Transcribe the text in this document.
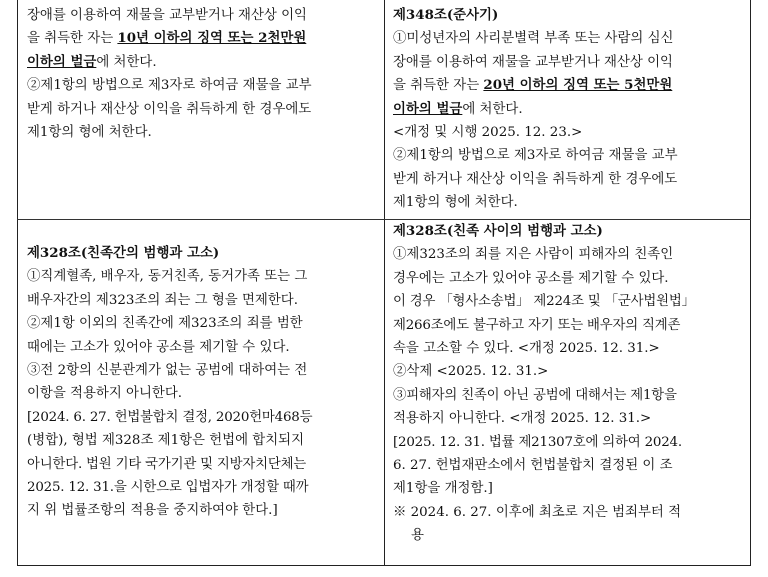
장애를 이용하여 재물을 교부받거나 재산상 이익
을 취득한 자는 10년 이하의 징역 또는 2천만원
이하의 벌금에 처한다.
②제1항의 방법으로 제3자로 하여금 재물을 교부
받게 하거나 재산상 이익을 취득하게 한 경우에도
제1항의 형에 처한다.
제348조(준사기)
①미성년자의 사리분별력 부족 또는 사람의 심신
장애를 이용하여 재물을 교부받거나 재산상 이익
을 취득한 자는 20년 이하의 징역 또는 5천만원
이하의 벌금에 처한다.
<개정 및 시행 2025. 12. 23.>
②제1항의 방법으로 제3자로 하여금 재물을 교부
받게 하거나 재산상 이익을 취득하게 한 경우에도
제1항의 형에 처한다.
제328조(친족간의 범행과 고소)
①직계혈족, 배우자, 동거친족, 동거가족 또는 그
배우자간의 제323조의 죄는 그 형을 면제한다.
②제1항 이외의 친족간에 제323조의 죄를 범한
때에는 고소가 있어야 공소를 제기할 수 있다.
③전 2항의 신분관계가 없는 공범에 대하여는 전
이항을 적용하지 아니한다.
[2024. 6. 27. 헌법불합치 결정, 2020헌마468등
(병합), 형법 제328조 제1항은 헌법에 합치되지
아니한다. 법원 기타 국가기관 및 지방자치단체는
2025. 12. 31.을 시한으로 입법자가 개정할 때까
지 위 법률조항의 적용을 중지하여야 한다.]
제328조(친족 사이의 범행과 고소)
①제323조의 죄를 지은 사람이 피해자의 친족인
경우에는 고소가 있어야 공소를 제기할 수 있다.
이 경우 「형사소송법」 제224조 및 「군사법원법」
제266조에도 불구하고 자기 또는 배우자의 직계존
속을 고소할 수 있다. <개정 2025. 12. 31.>
②삭제 <2025. 12. 31.>
③피해자의 친족이 아닌 공범에 대해서는 제1항을
적용하지 아니한다. <개정 2025. 12. 31.>
[2025. 12. 31. 법률 제21307호에 의하여 2024.
6. 27. 헌법재판소에서 헌법불합치 결정된 이 조
제1항을 개정함.]
※ 2024. 6. 27. 이후에 최초로 지은 범죄부터 적
용
